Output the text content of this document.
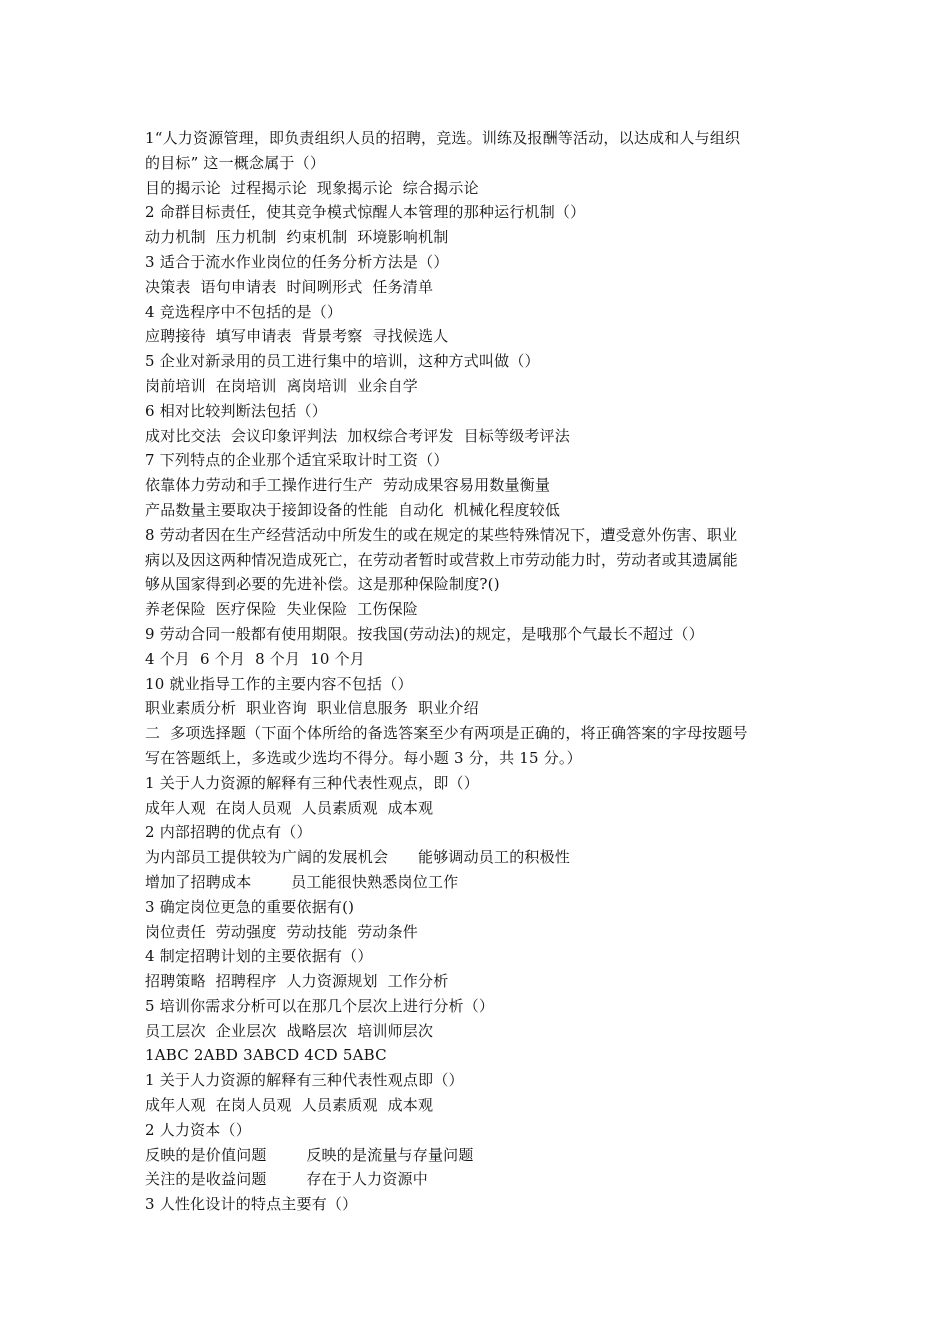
1“人力资源管理，即负责组织人员的招聘，竞选。训练及报酬等活动，以达成和人与组织
的目标” 这一概念属于（）
目的揭示论  过程揭示论  现象揭示论  综合揭示论
2 命群目标责任，使其竞争模式惊醒人本管理的那种运行机制（）
动力机制  压力机制  约束机制  环境影响机制
3 适合于流水作业岗位的任务分析方法是（）
决策表  语句申请表  时间咧形式  任务清单
4 竞选程序中不包括的是（）
应聘接待  填写申请表  背景考察  寻找候选人
5 企业对新录用的员工进行集中的培训，这种方式叫做（）
岗前培训  在岗培训  离岗培训  业余自学
6 相对比较判断法包括（）
成对比交法  会议印象评判法  加权综合考评发  目标等级考评法
7 下列特点的企业那个适宜采取计时工资（）
依靠体力劳动和手工操作进行生产  劳动成果容易用数量衡量
产品数量主要取决于接卸设备的性能  自动化  机械化程度较低
8 劳动者因在生产经营活动中所发生的或在规定的某些特殊情况下，遭受意外伤害、职业
病以及因这两种情况造成死亡，在劳动者暂时或营救上市劳动能力时，劳动者或其遗属能
够从国家得到必要的先进补偿。这是那种保险制度?()
养老保险  医疗保险  失业保险  工伤保险
9 劳动合同一般都有使用期限。按我国(劳动法)的规定，是哦那个气最长不超过（）
4 个月  6 个月  8 个月  10 个月
10 就业指导工作的主要内容不包括（）
职业素质分析  职业咨询  职业信息服务  职业介绍
二  多项选择题（下面个体所给的备选答案至少有两项是正确的，将正确答案的字母按题号
写在答题纸上，多选或少选均不得分。每小题 3 分，共 15 分。）
1 关于人力资源的解释有三种代表性观点，即（）
成年人观  在岗人员观  人员素质观  成本观
2 内部招聘的优点有（）
为内部员工提供较为广阔的发展机会      能够调动员工的积极性
增加了招聘成本        员工能很快熟悉岗位工作
3 确定岗位更急的重要依据有()
岗位责任  劳动强度  劳动技能  劳动条件
4 制定招聘计划的主要依据有（）
招聘策略  招聘程序  人力资源规划  工作分析
5 培训你需求分析可以在那几个层次上进行分析（）
员工层次  企业层次  战略层次  培训师层次
1ABC 2ABD 3ABCD 4CD 5ABC
1 关于人力资源的解释有三种代表性观点即（）
成年人观  在岗人员观  人员素质观  成本观
2 人力资本（）
反映的是价值问题        反映的是流量与存量问题
关注的是收益问题        存在于人力资源中
3 人性化设计的特点主要有（）
